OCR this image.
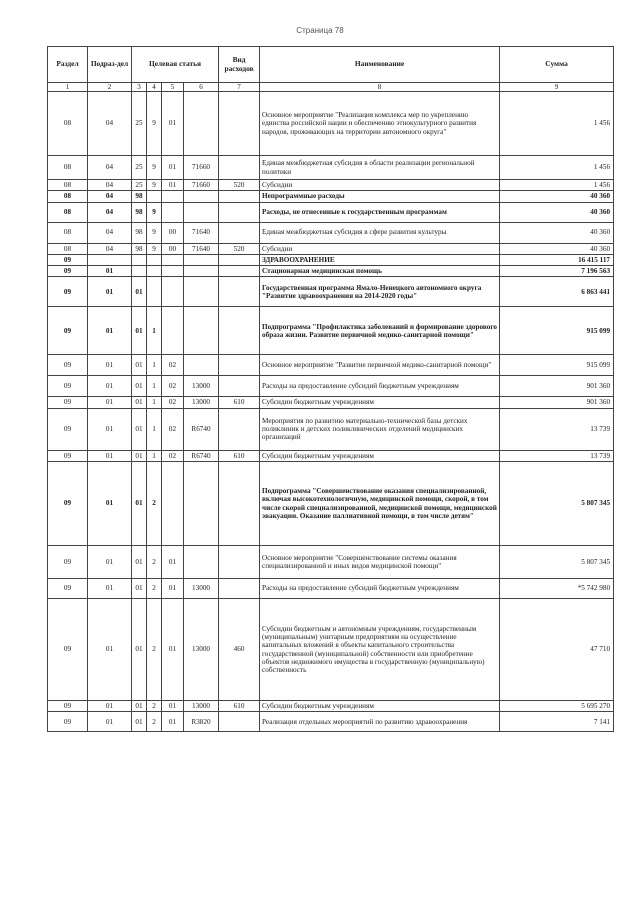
Страница 78
Раздел	Подраз-дел	Целевая статья				Вид расходов	Наименование	Сумма
1	2	3	4	5	6	7	8	9
08	04	25	9	01			Основное мероприятие "Реализация комплекса мер по укреплению единства российской нации и обеспечению этнокультурного развития народов, проживающих на территории автономного округа"	1 456
08	04	25	9	01	71660		Единая межбюджетная субсидия в области реализации региональной политики	1 456
08	04	25	9	01	71660	520	Субсидии	1 456
08	04	98					Непрограммные расходы	40 360
08	04	98	9				Расходы, не отнесенные к государственным программам	40 360
08	04	98	9	00	71640		Единая межбюджетная субсидия в сфере развития культуры	40 360
08	04	98	9	00	71640	520	Субсидии	40 360
09							ЗДРАВООХРАНЕНИЕ	16 415 117
09	01						Стационарная медицинская помощь	7 196 563
09	01	01					Государственная программа Ямало-Ненецкого автономного округа "Развитие здравоохранения на 2014-2020 годы"	6 863 441
09	01	01	1				Подпрограмма "Профилактика заболеваний и формирование здорового образа жизни. Развитие первичной медико-санитарной помощи"	915 099
09	01	01	1	02			Основное мероприятие "Развитие первичной медико-санитарной помощи"	915 099
09	01	01	1	02	13000		Расходы на предоставление субсидий бюджетным учреждениям	901 360
09	01	01	1	02	13000	610	Субсидии бюджетным учреждениям	901 360
09	01	01	1	02	R6740		Мероприятия по развитию материально-технической базы детских поликлиник и детских поликлинических отделений медицинских организаций	13 739
09	01	01	1	02	R6740	610	Субсидии бюджетным учреждениям	13 739
09	01	01	2				Подпрограмма "Совершенствование оказания специализированной, включая высокотехнологичную, медицинской помощи, скорой, в том числе скорой специализированной, медицинской помощи, медицинской эвакуации. Оказание паллиативной помощи, в том числе детям"	5 807 345
09	01	01	2	01			Основное мероприятие "Совершенствование системы оказания специализированной и иных видов медицинской помощи"	5 807 345
09	01	01	2	01	13000		Расходы на предоставление субсидий бюджетным учреждениям	*5 742 980
09	01	01	2	01	13000	460	Субсидии бюджетным и автономным учреждениям, государственным (муниципальным) унитарным предприятиям на осуществление капитальных вложений в объекты капитального строительства государственной (муниципальной) собственности или приобретение объектов недвижимого имущества в государственную (муниципальную) собственность	47 710
09	01	01	2	01	13000	610	Субсидии бюджетным учреждениям	5 695 270
09	01	01	2	01	R3820		Реализация отдельных мероприятий по развитию здравоохранения	7 141
